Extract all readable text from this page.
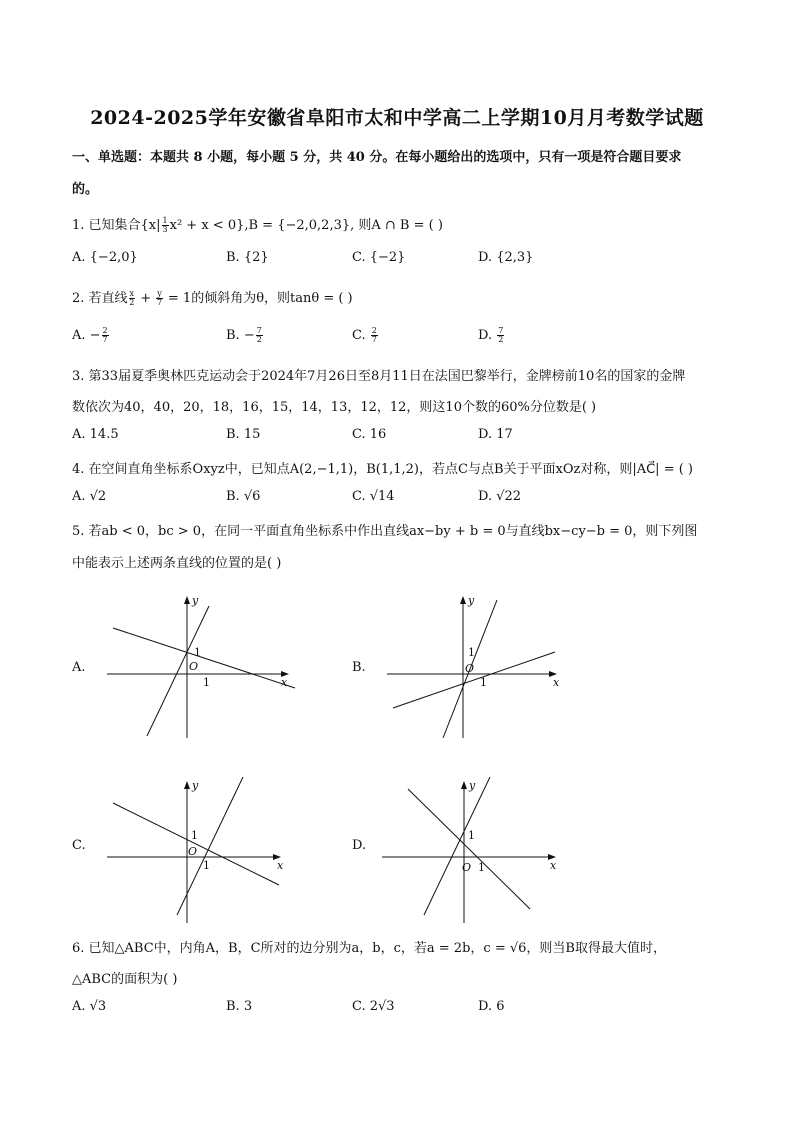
2024-2025学年安徽省阜阳市太和中学高二上学期10月月考数学试题
一、单选题：本题共 8 小题，每小题 5 分，共 40 分。在每小题给出的选项中，只有一项是符合题目要求
的。
1. 已知集合$\{x| \frac{1}{3} x^2 + x < 0\},B = \{-2,0,2,3\}$, 则A ∩ B = ( )
A. {−2,0}	B. {2}	C. {−2}	D. {2,3}
2. 若直线 $\frac{x}{2} + \frac{y}{7} = 1$的倾斜角为θ，则tanθ = ( )
A. − $\frac{2}{7}$	B. − $\frac{7}{2}$	C. $\frac{2}{7}$	D. $\frac{7}{2}$
3. 第33届夏季奥林匹克运动会于2024年7月26日至8月11日在法国巴黎举行，金牌榜前10名的国家的金牌
数依次为40，40，20，18，16，15，14，13，12，12，则这10个数的60%分位数是( )
A. 14.5	B. 15	C. 16	D. 17
4. 在空间直角坐标系Oxyz中，已知点A(2,−1,1)，B(1,1,2)，若点C与点B关于平面xOz对称，则|AC⃗| = ( )
A. √2	B. √6	C. √14	D. √22
5. 若ab < 0，bc > 0，在同一平面直角坐标系中作出直线ax−by + b = 0与直线bx−cy−b = 0，则下列图
中能表示上述两条直线的位置的是( )
A.
x
y
O
1
1
B.
x
y
O
1
1
C.
x
y
O
1
1
D.
x
y
O
1
1
6. 已知△ABC中，内角A，B，C所对的边分别为a，b，c，若a = 2b，c = √6，则当B取得最大值时，
△ABC的面积为( )
A. √3	B. 3	C. 2√3	D. 6
